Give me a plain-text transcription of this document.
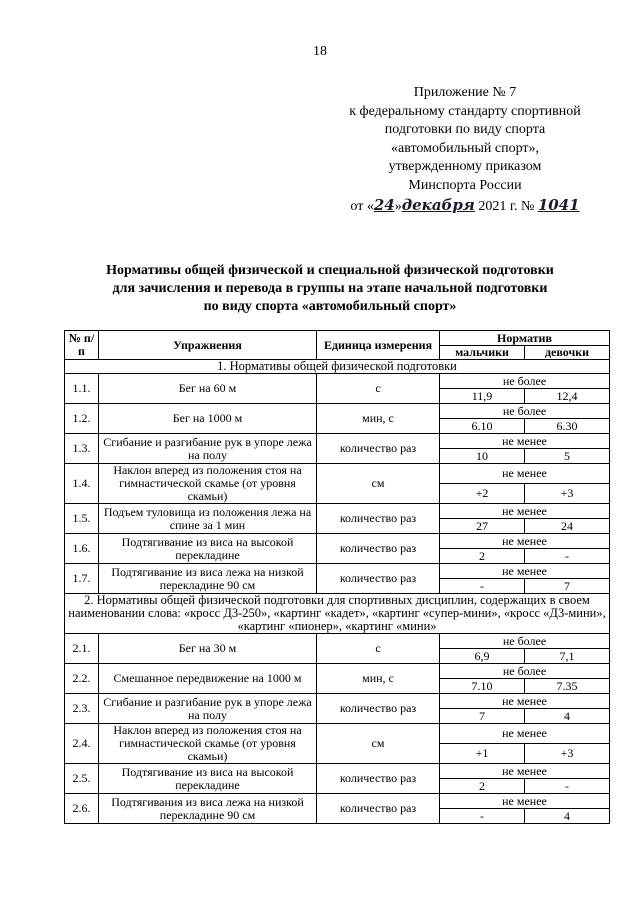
18
Приложение № 7
к федеральному стандарту спортивной
подготовки по виду спорта
«автомобильный спорт»,
утвержденному приказом
Минспорта России
от «24»декабря 2021 г. № 1041
Нормативы общей физической и специальной физической подготовки
для зачисления и перевода в группы на этапе начальной подготовки
по виду спорта «автомобильный спорт»
№ п/п	Упражнения	Единица измерения	Норматив	
			мальчики	девочки
1. Нормативы общей физической подготовки				
1.1.	Бег на 60 м	с	не более	
			11,9	12,4
1.2.	Бег на 1000 м	мин, с	не более	
			6.10	6.30
1.3.	Сгибание и разгибание рук в упоре лежа на полу	количество раз	не менее	
			10	5
1.4.	Наклон вперед из положения стоя на гимнастической скамье (от уровня скамьи)	см	не менее	
			+2	+3
1.5.	Подъем туловища из положения лежа на спине за 1 мин	количество раз	не менее	
			27	24
1.6.	Подтягивание из виса на высокой перекладине	количество раз	не менее	
			2	-
1.7.	Подтягивание из виса лежа на низкой перекладине 90 см	количество раз	не менее	
			-	7
2. Нормативы общей физической подготовки для спортивных дисциплин, содержащих в своем наименовании слова: «кросс Д3-250», «картинг «кадет», «картинг «супер-мини», «кросс «Д3-мини», «картинг «пионер», «картинг «мини»				
2.1.	Бег на 30 м	с	не более	
			6,9	7,1
2.2.	Смешанное передвижение на 1000 м	мин, с	не более	
			7.10	7.35
2.3.	Сгибание и разгибание рук в упоре лежа на полу	количество раз	не менее	
			7	4
2.4.	Наклон вперед из положения стоя на гимнастической скамье (от уровня скамьи)	см	не менее	
			+1	+3
2.5.	Подтягивание из виса на высокой перекладине	количество раз	не менее	
			2	-
2.6.	Подтягивания из виса лежа на низкой перекладине 90 см	количество раз	не менее	
			-	4
